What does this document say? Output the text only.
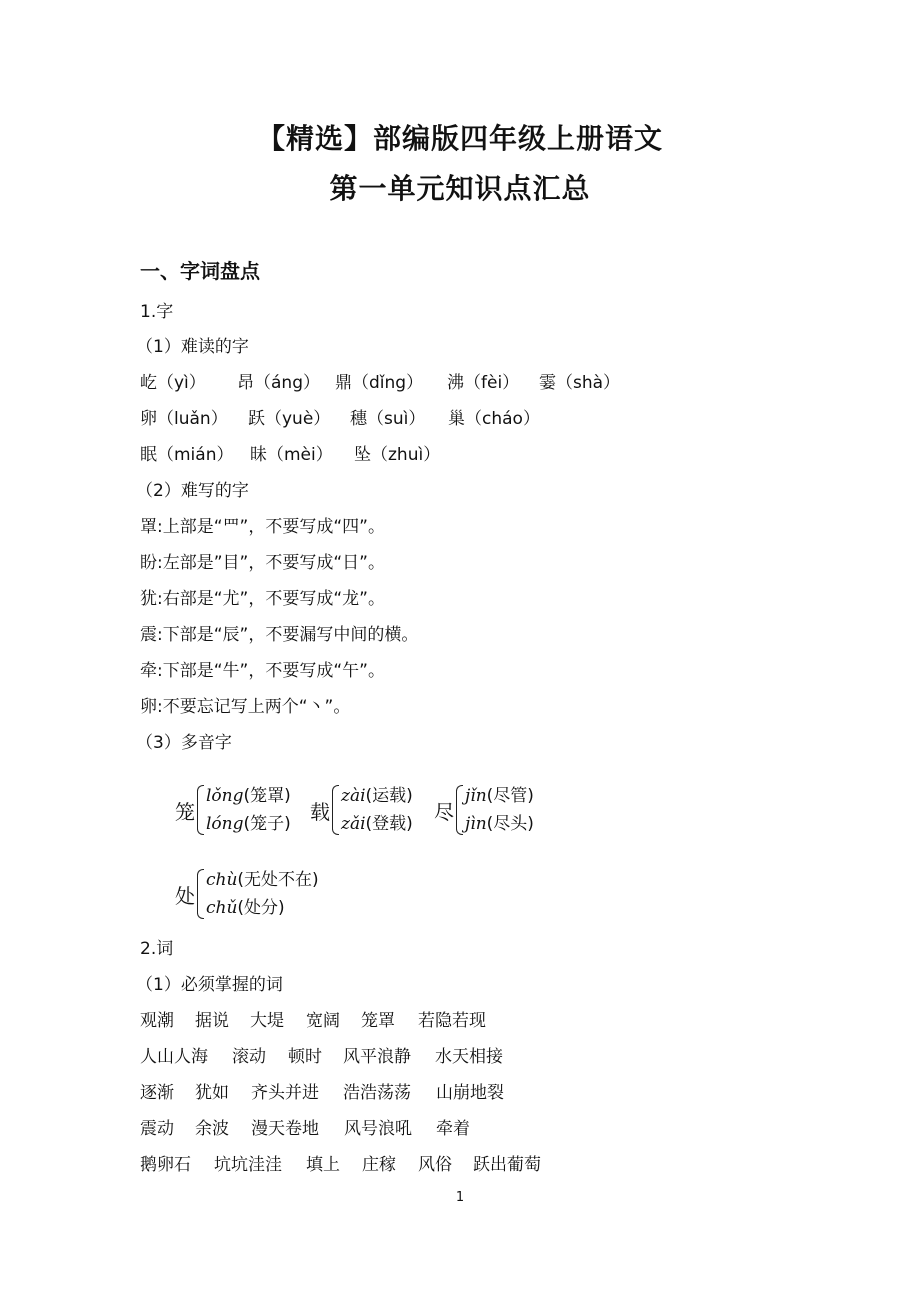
【精选】部编版四年级上册语文
第一单元知识点汇总
一、字词盘点
1.字
（1）难读的字
屹（yì） 昂（áng） 鼎（dǐng） 沸（fèi） 霎（shà）
卵（luǎn） 跃（yuè） 穗（suì） 巢（cháo）
眠（mián） 昧（mèi） 坠（zhuì）
（2）难写的字
罩:上部是“罒”，不要写成“四”。
盼:左部是”目”，不要写成“日”。
犹:右部是“尤”，不要写成“龙”。
震:下部是“辰”，不要漏写中间的横。
牵:下部是“牛”，不要写成“午”。
卵:不要忘记写上两个“丶”。
（3）多音字
笼
lǒng(笼罩)
lóng(笼子)
载
zài(运载)
zǎi(登载)
尽
jǐn(尽管)
jìn(尽头)
处
chù(无处不在)
chǔ(处分)
2.词
（1）必须掌握的词
观潮 据说 大堤 宽阔 笼罩 若隐若现
人山人海 滚动 顿时 风平浪静 水天相接
逐渐 犹如 齐头并进 浩浩荡荡 山崩地裂
震动 余波 漫天卷地 风号浪吼 牵着
鹅卵石 坑坑洼洼 填上 庄稼 风俗 跃出葡萄
1
